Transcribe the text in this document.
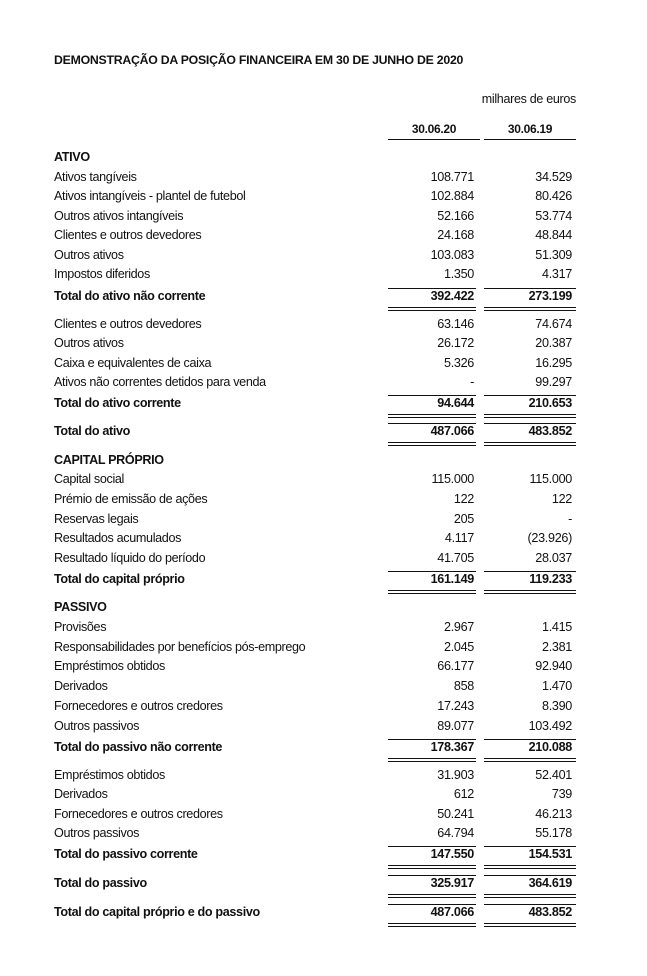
DEMONSTRAÇÃO DA POSIÇÃO FINANCEIRA EM 30 DE JUNHO DE 2020
milhares de euros
30.06.20	30.06.19
ATIVO
Ativos tangíveis	108.771	34.529
Ativos intangíveis - plantel de futebol	102.884	80.426
Outros ativos intangíveis	52.166	53.774
Clientes e outros devedores	24.168	48.844
Outros ativos	103.083	51.309
Impostos diferidos	1.350	4.317
Total do ativo não corrente	392.422	273.199
Clientes e outros devedores	63.146	74.674
Outros ativos	26.172	20.387
Caixa e equivalentes de caixa	5.326	16.295
Ativos não correntes detidos para venda	-	99.297
Total do ativo corrente	94.644	210.653
Total do ativo	487.066	483.852
CAPITAL PRÓPRIO
Capital social	115.000	115.000
Prémio de emissão de ações	122	122
Reservas legais	205	-
Resultados acumulados	4.117	(23.926)
Resultado líquido do período	41.705	28.037
Total do capital próprio	161.149	119.233
PASSIVO
Provisões	2.967	1.415
Responsabilidades por benefícios pós-emprego	2.045	2.381
Empréstimos obtidos	66.177	92.940
Derivados	858	1.470
Fornecedores e outros credores	17.243	8.390
Outros passivos	89.077	103.492
Total do passivo não corrente	178.367	210.088
Empréstimos obtidos	31.903	52.401
Derivados	612	739
Fornecedores e outros credores	50.241	46.213
Outros passivos	64.794	55.178
Total do passivo corrente	147.550	154.531
Total do passivo	325.917	364.619
Total do capital próprio e do passivo	487.066	483.852
